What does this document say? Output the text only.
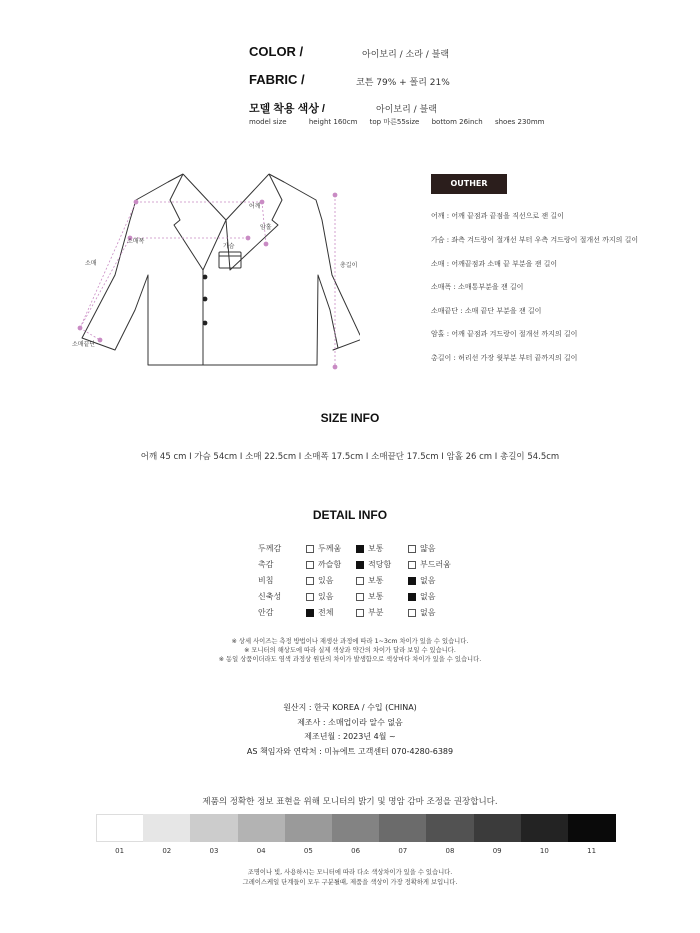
COLOR /	아이보리 / 소라 / 블랙
FABRIC /	코튼 79% + 폴리 21%
모델 착용 색상 /	아이보리 / 블랙
model size	height 160cm top 마른55size bottom 26inch shoes 230mm
어깨
암홀
소매
소매폭
가슴
총길이
소매끝단
OUTHER
어깨 : 어깨 끝점과 끝점을 직선으로 잰 길이
가슴 : 좌측 겨드랑이 절개선 부터 우측 겨드랑이 절개선 까지의 길이
소매 : 어깨끝점과 소매 끝 부분을 잰 길이
소매폭 : 소매통부분을 잰 길이
소매끝단 : 소매 끝단 부분을 잰 길이
암홀 : 어깨 끝점과 겨드랑이 절개선 까지의 길이
총길이 : 허리선 가장 윗부분 부터 끝까지의 길이
SIZE INFO
어깨 45 cm I 가슴 54cm I 소매 22.5cm I 소매폭 17.5cm I 소매끝단 17.5cm I 암홀 26 cm I 총길이 54.5cm
DETAIL INFO
두께감	두께움	보통	얇음
촉감	까슬함	적당함	부드러움
비침	있음	보통	없음
신축성	있음	보통	없음
안감	전체	부분	없음
※ 상세 사이즈는 측정 방법이나 재생산 과정에 따라 1~3cm 차이가 있을 수 있습니다.
※ 모니터의 해상도에 따라 실제 색상과 약간의 차이가 달라 보일 수 있습니다.
※ 동일 상품이더라도 염색 과정상 원단의 차이가 발생함으로 색상마다 차이가 있을 수 있습니다.
원산지 : 한국 KOREA / 수입 (CHINA)
제조사 : 소매업이라 알수 없음
제조년월 : 2023년 4월 ~
AS 책임자와 연락처 : 미뉴에트 고객센터 070-4280-6389
제품의 정확한 정보 표현을 위해 모니터의 밝기 및 명암 감마 조정을 권장합니다.
01	02	03	04	05	06	07	08	09	10	11
조명이나 빛, 사용하시는 모니터에 따라 다소 색상차이가 있을 수 있습니다.
그레이스케일 단계들이 모두 구분될때, 제품을 색상이 가장 정확하게 보입니다.
